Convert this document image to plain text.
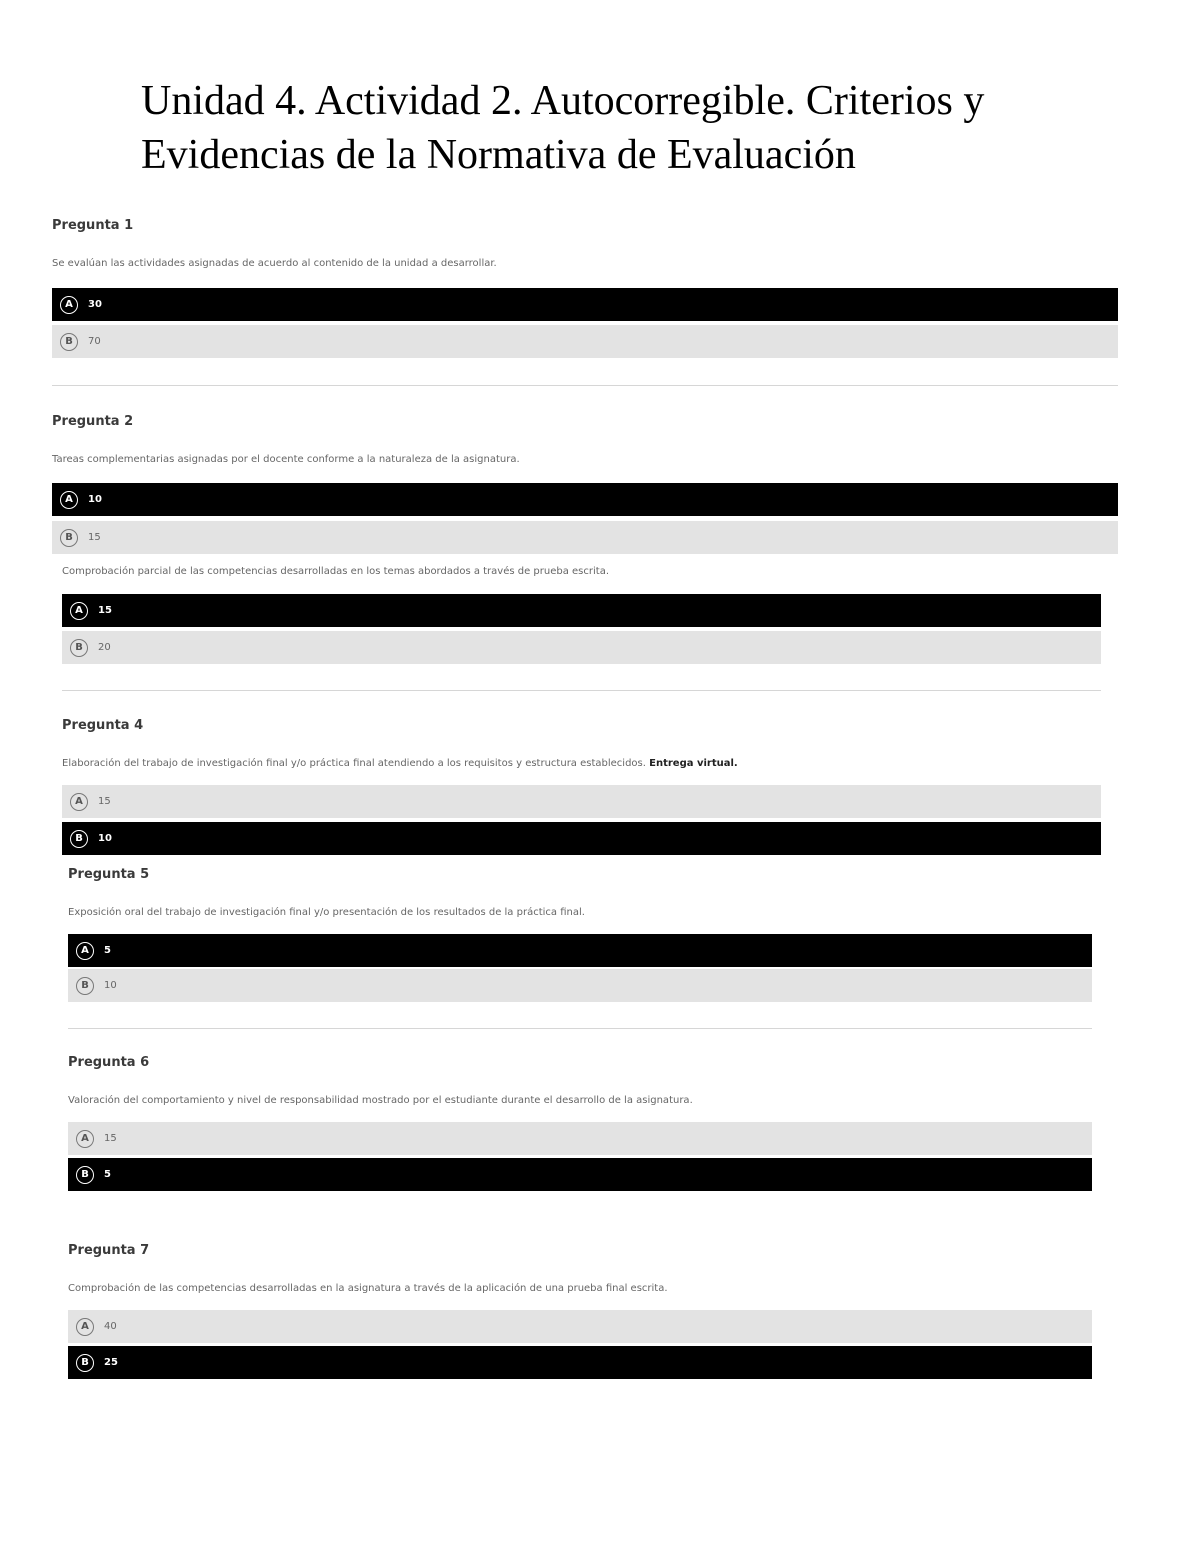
Unidad 4. Actividad 2. Autocorregible. Criterios y Evidencias de la Normativa de Evaluación

Pregunta 1

Se evalúan las actividades asignadas de acuerdo al contenido de la unidad a desarrollar.

A	30
B	70

Pregunta 2

Tareas complementarias asignadas por el docente conforme a la naturaleza de la asignatura.

A	10
B	15

Comprobación parcial de las competencias desarrolladas en los temas abordados a través de prueba escrita.

A	15
B	20

Pregunta 4

Elaboración del trabajo de investigación final y/o práctica final atendiendo a los requisitos y estructura establecidos. Entrega virtual.

A	15
B	10

Pregunta 5

Exposición oral del trabajo de investigación final y/o presentación de los resultados de la práctica final.

A	5
B	10

Pregunta 6

Valoración del comportamiento y nivel de responsabilidad mostrado por el estudiante durante el desarrollo de la asignatura.

A	15
B	5

Pregunta 7

Comprobación de las competencias desarrolladas en la asignatura a través de la aplicación de una prueba final escrita.

A	40
B	25
